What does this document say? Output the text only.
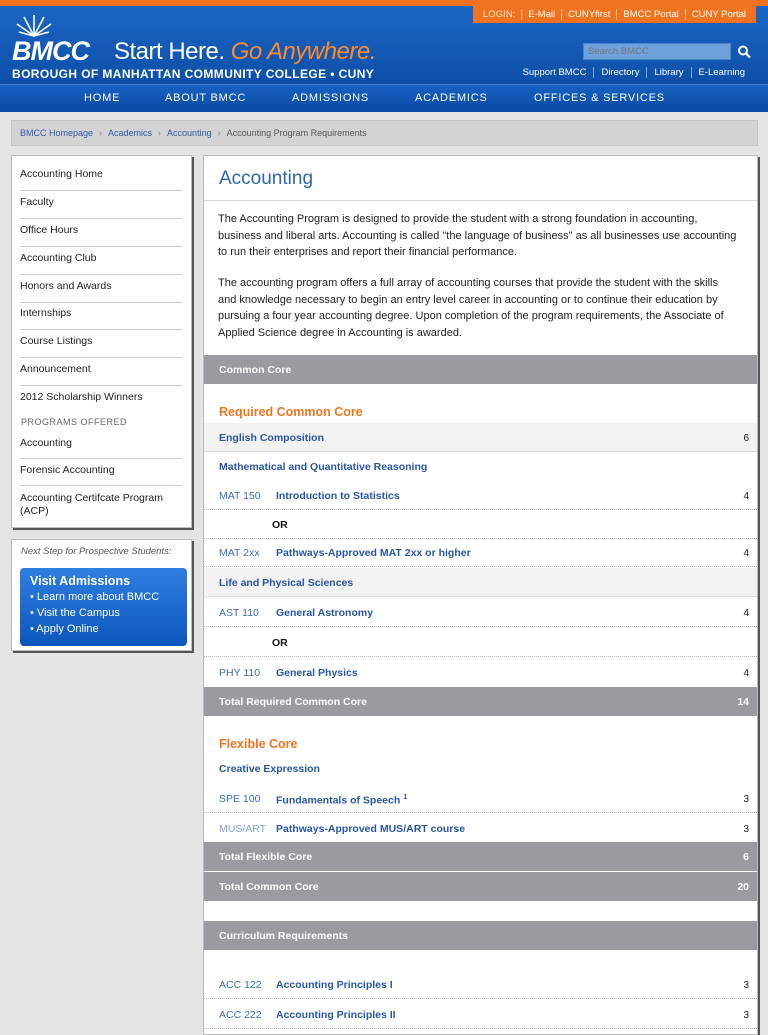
LOGIN:	E-Mail	CUNYfirst	BMCC Portal	CUNY Portal
BMCC Start Here. Go Anywhere.
BOROUGH OF MANHATTAN COMMUNITY COLLEGE • CUNY
Search BMCC	Support BMCC	Directory	Library	E-Learning
HOME	ABOUT BMCC	ADMISSIONS	ACADEMICS	OFFICES & SERVICES
BMCC Homepage › Academics › Accounting › Accounting Program Requirements
Accounting Home
Faculty
Office Hours
Accounting Club
Honors and Awards
Internships
Course Listings
Announcement
2012 Scholarship Winners
PROGRAMS OFFERED
Accounting
Forensic Accounting
Accounting Certifcate Program (ACP)
Next Step for Prospective Students:
Visit Admissions
• Learn more about BMCC
• Visit the Campus
• Apply Online
Accounting
The Accounting Program is designed to provide the student with a strong foundation in accounting, business and liberal arts. Accounting is called "the language of business" as all businesses use accounting to run their enterprises and report their financial performance.
The accounting program offers a full array of accounting courses that provide the student with the skills and knowledge necessary to begin an entry level career in accounting or to continue their education by pursuing a four year accounting degree. Upon completion of the program requirements, the Associate of Applied Science degree in Accounting is awarded.
Common Core
Required Common Core
English Composition	6
Mathematical and Quantitative Reasoning
MAT 150 Introduction to Statistics	4
OR
MAT 2xx Pathways-Approved MAT 2xx or higher	4
Life and Physical Sciences
AST 110 General Astronomy	4
OR
PHY 110 General Physics	4
Total Required Common Core	14
Flexible Core
Creative Expression
SPE 100 Fundamentals of Speech $^1$	3
MUS/ART Pathways-Approved MUS/ART course	3
Total Flexible Core	6
Total Common Core	20
Curriculum Requirements
ACC 122 Accounting Principles I	3
ACC 222 Accounting Principles II	3
